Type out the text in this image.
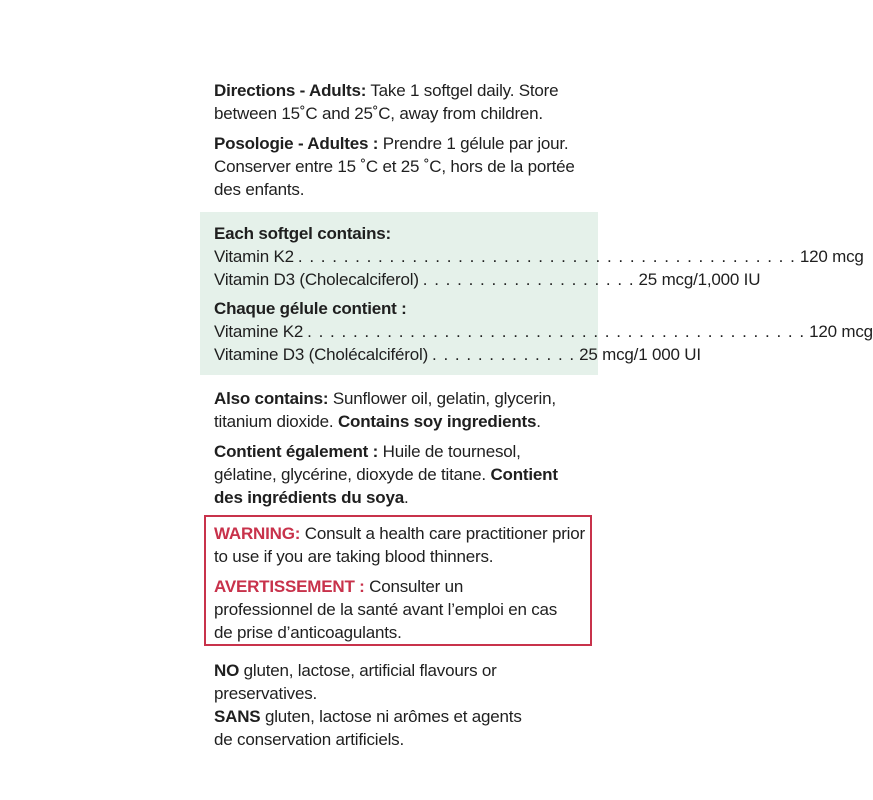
Directions - Adults: Take 1 softgel daily. Store between 15˚C and 25˚C, away from children.

Posologie - Adultes : Prendre 1 gélule par jour. Conserver entre 15 ˚C et 25 ˚C, hors de la portée des enfants.

Each softgel contains:

Vitamin K2 . . . . . . . . . . . . . . . . . . . . . . . . . . . . . . . . . . . . . . . . . . . . 120 mcg
Vitamin D3 (Cholecalciferol) . . . . . . . . . . . . . . . . . . . 25 mcg/1,000 IU

Chaque gélule contient :

Vitamine K2 . . . . . . . . . . . . . . . . . . . . . . . . . . . . . . . . . . . . . . . . . . . . 120 mcg
Vitamine D3 (Cholécalciférol) . . . . . . . . . . . . . 25 mcg/1 000 UI

Also contains: Sunflower oil, gelatin, glycerin, titanium dioxide. Contains soy ingredients.

Contient également : Huile de tournesol, gélatine, glycérine, dioxyde de titane. Contient des ingrédients du soya.

WARNING: Consult a health care practitioner prior to use if you are taking blood thinners.

AVERTISSEMENT : Consulter un professionnel de la santé avant l’emploi en cas de prise d’anticoagulants.

NO gluten, lactose, artificial flavours or preservatives.

SANS gluten, lactose ni arômes et agents de conservation artificiels.
